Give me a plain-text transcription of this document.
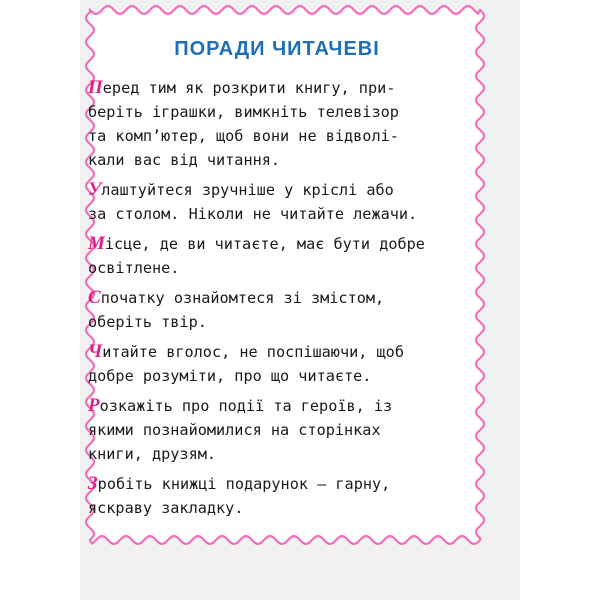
ПОРАДИ ЧИТАЧЕВІ
Перед тим як розкрити книгу, при-
беріть іграшки, вимкніть телевізор
та комп’ютер, щоб вони не відволі-
кали вас від читання.
Улаштуйтеся зручніше у кріслі або
за столом. Ніколи не читайте лежачи.
Місце, де ви читаєте, має бути добре
освітлене.
Спочатку ознайомтеся зі змістом,
оберіть твір.
Читайте вголос, не поспішаючи, щоб
добре розуміти, про що читаєте.
Розкажіть про події та героїв, із
якими познайомилися на сторінках
книги, друзям.
Зробіть книжці подарунок — гарну,
яскраву закладку.
